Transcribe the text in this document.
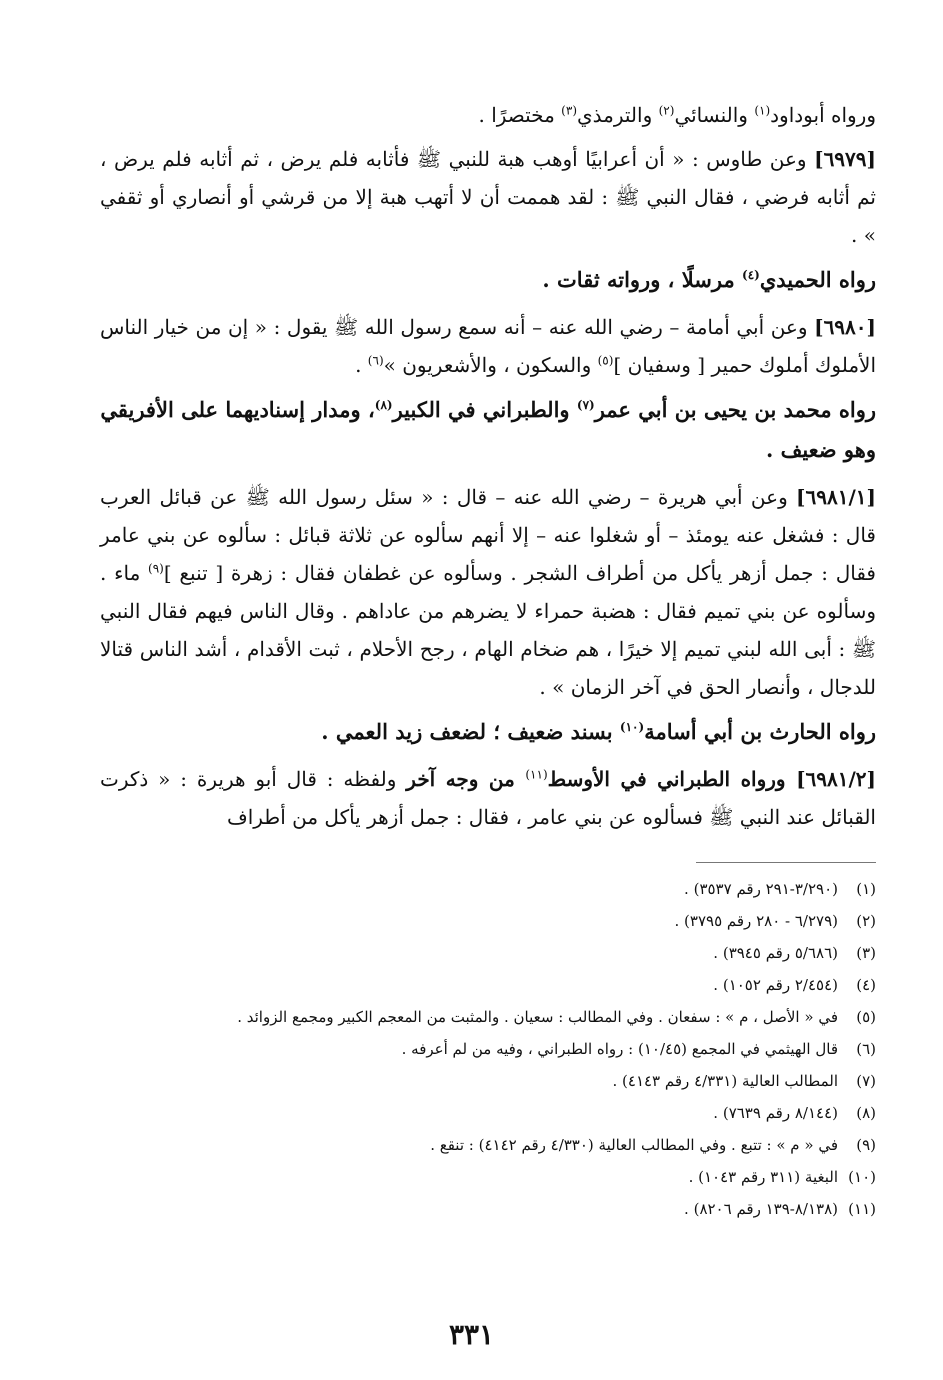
ورواه أبوداود$^{(١)}$ والنسائي$^{(٢)}$ والترمذي$^{(٣)}$ مختصرًا .

[٦٩٧٩] وعن طاوس : « أن أعرابيًا أوهب هبة للنبي ﷺ فأثابه فلم يرض ، ثم أثابه فلم يرض ، ثم أثابه فرضي ، فقال النبي ﷺ : لقد هممت أن لا أتهب هبة إلا من قرشي أو أنصاري أو ثقفي » .

رواه الحميدي$^{(٤)}$ مرسلًا ، ورواته ثقات .

[٦٩٨٠] وعن أبي أمامة – رضي الله عنه – أنه سمع رسول الله ﷺ يقول : « إن من خيار الناس الأملوك أملوك حمير [ وسفيان ]$^{(٥)}$ والسكون ، والأشعريون »$^{(٦)}$ .

رواه محمد بن يحيى بن أبي عمر$^{(٧)}$ والطبراني في الكبير$^{(٨)}$، ومدار إسناديهما على الأفريقي وهو ضعيف .

[٦٩٨١/١] وعن أبي هريرة – رضي الله عنه – قال : « سئل رسول الله ﷺ عن قبائل العرب قال : فشغل عنه يومئذ – أو شغلوا عنه – إلا أنهم سألوه عن ثلاثة قبائل : سألوه عن بني عامر فقال : جمل أزهر يأكل من أطراف الشجر . وسألوه عن غطفان فقال : زهرة [ تنبع ]$^{(٩)}$ ماء . وسألوه عن بني تميم فقال : هضبة حمراء لا يضرهم من عاداهم . وقال الناس فيهم فقال النبي ﷺ : أبى الله لبني تميم إلا خيرًا ، هم ضخام الهام ، رجح الأحلام ، ثبت الأقدام ، أشد الناس قتالا للدجال ، وأنصار الحق في آخر الزمان » .

رواه الحارث بن أبي أسامة$^{(١٠)}$ بسند ضعيف ؛ لضعف زيد العمي .

[٦٩٨١/٢] ورواه الطبراني في الأوسط$^{(١١)}$ من وجه آخر ولفظه : قال أبو هريرة : « ذكرت القبائل عند النبي ﷺ فسألوه عن بني عامر ، فقال : جمل أزهر يأكل من أطراف

(١)(٣/٢٩٠-٢٩١ رقم ٣٥٣٧) .
(٢)(٦/٢٧٩ - ٢٨٠ رقم ٣٧٩٥) .
(٣)(٥/٦٨٦ رقم ٣٩٤٥) .
(٤)(٢/٤٥٤ رقم ١٠٥٢) .
(٥)في « الأصل ، م » : سفعان . وفي المطالب : سعيان . والمثبت من المعجم الكبير ومجمع الزوائد .
(٦)قال الهيثمي في المجمع (١٠/٤٥) : رواه الطبراني ، وفيه من لم أعرفه .
(٧)المطالب العالية (٤/٣٣١ رقم ٤١٤٣) .
(٨)(٨/١٤٤ رقم ٧٦٣٩) .
(٩)في « م » : تتبع . وفي المطالب العالية (٤/٣٣٠ رقم ٤١٤٢) : تنقع .
(١٠)البغية (٣١١ رقم ١٠٤٣) .
(١١)(٨/١٣٨-١٣٩ رقم ٨٢٠٦) .
٣٣١
